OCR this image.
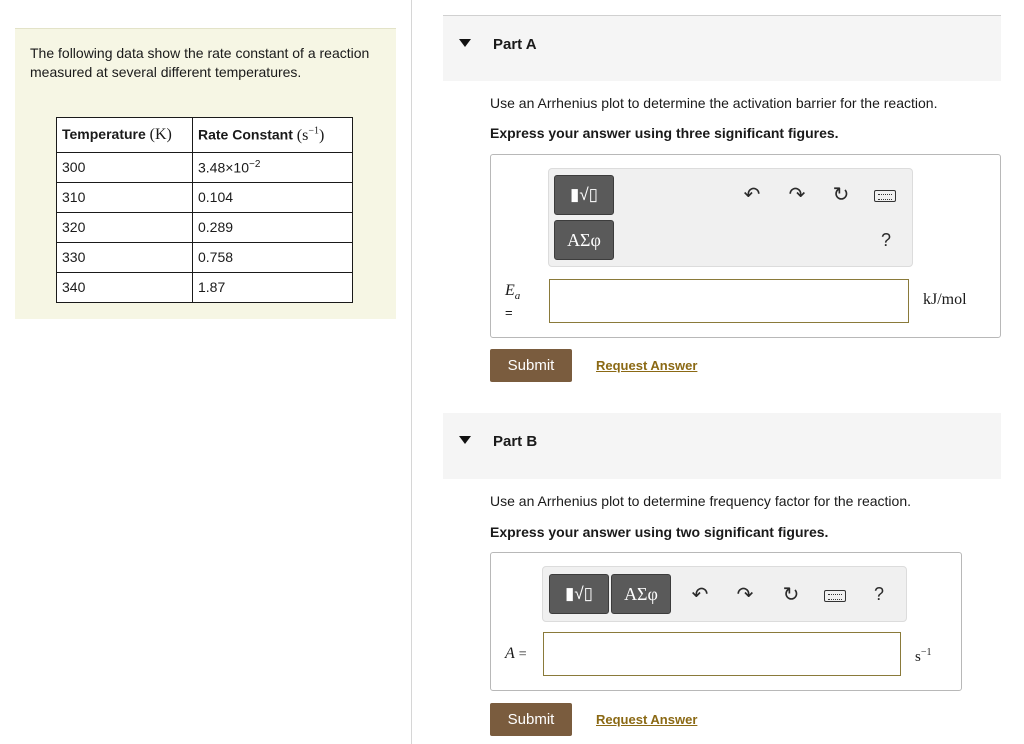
The following data show the rate constant of a reaction measured at several different temperatures.

Temperature (K)	Rate Constant $(s^{-1})$
300	$3.48\times 10^{-2}$
310	0.104
320	0.289
330	0.758
340	1.87
Part A
Use an Arrhenius plot to determine the activation barrier for the reaction.
Express your answer using three significant figures.
▮√▯
ΑΣφ
↶ ↷ ↻
?
$E_a$
=
kJ/mol
Submit	Request Answer
Part B
Use an Arrhenius plot to determine frequency factor for the reaction.
Express your answer using two significant figures.
▮√▯ ΑΣφ ↶ ↷ ↻	?
A =	$s^{-1}$
Submit	Request Answer
